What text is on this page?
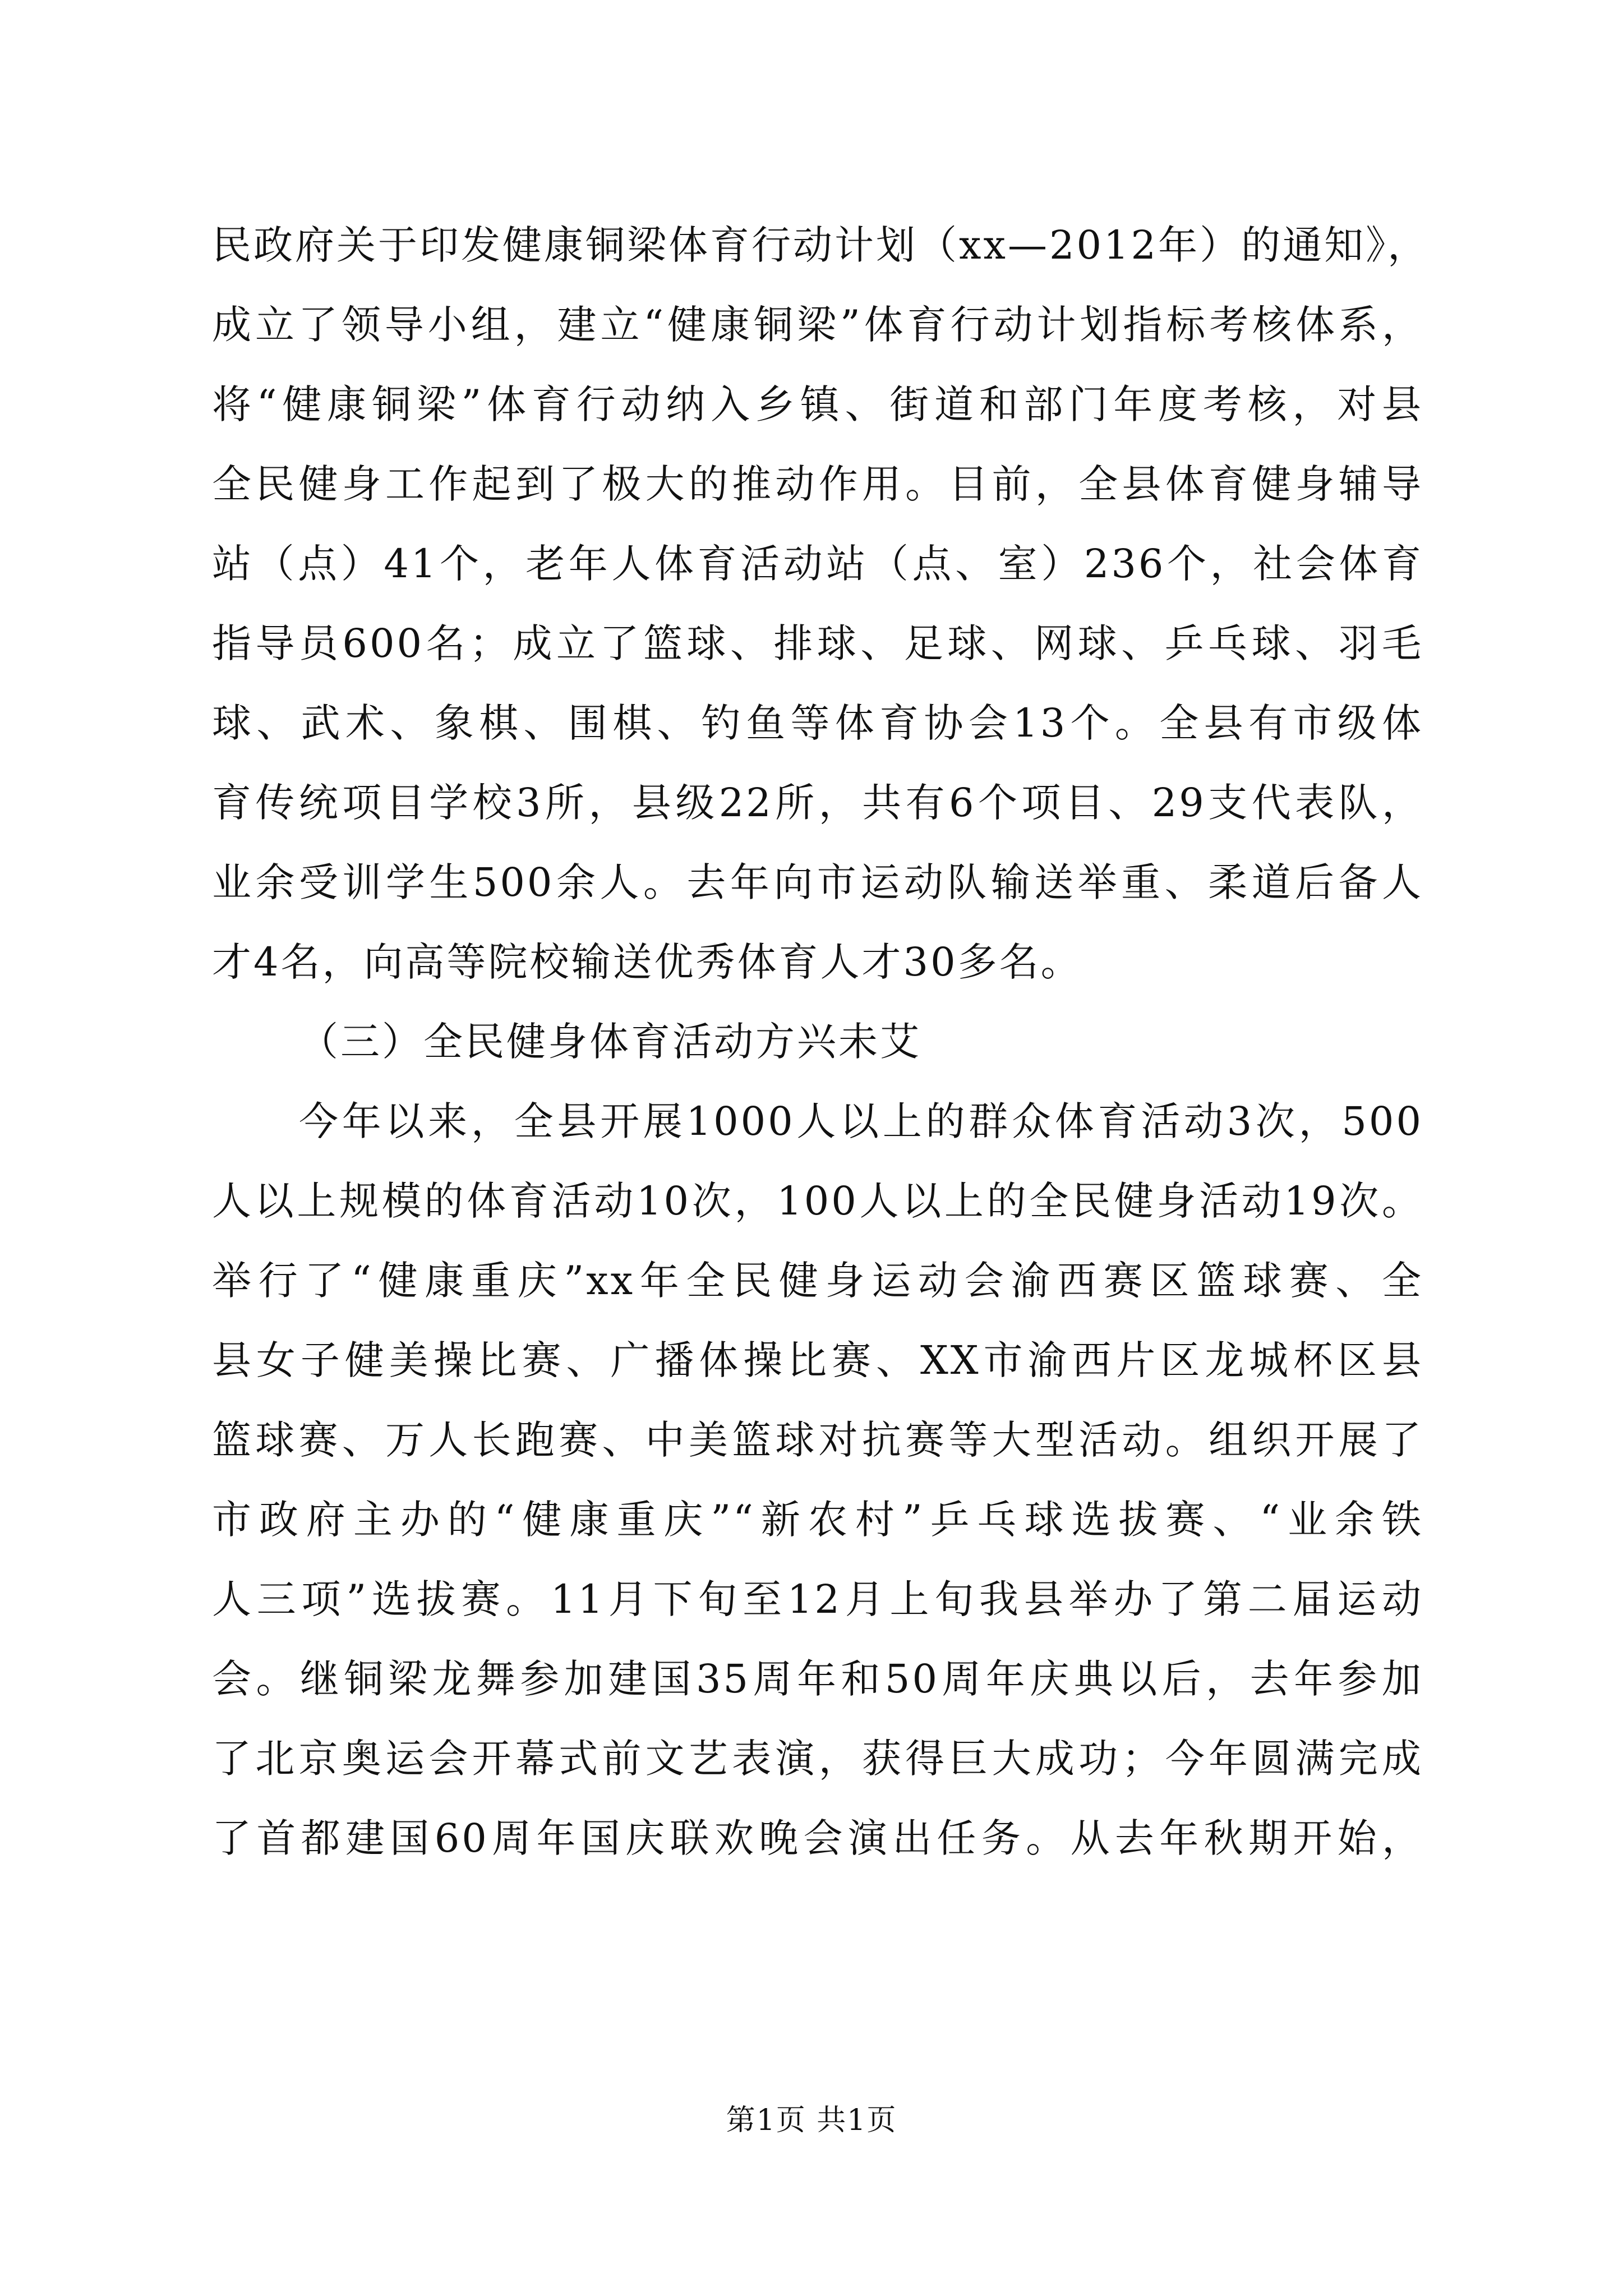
民政府关于印发健康铜梁体育行动计划（xx—2012年）的通知》，
成立了领导小组，建立“健康铜梁”体育行动计划指标考核体系，
将“健康铜梁”体育行动纳入乡镇、街道和部门年度考核，对县
全民健身工作起到了极大的推动作用。目前，全县体育健身辅导
站（点）41个，老年人体育活动站（点、室）236个，社会体育
指导员600名；成立了篮球、排球、足球、网球、乒乓球、羽毛
球、武术、象棋、围棋、钓鱼等体育协会13个。全县有市级体
育传统项目学校3所，县级22所，共有6个项目、29支代表队，
业余受训学生500余人。去年向市运动队输送举重、柔道后备人
才4名，向高等院校输送优秀体育人才30多名。
（三）全民健身体育活动方兴未艾
今年以来，全县开展1000人以上的群众体育活动3次，500
人以上规模的体育活动10次，100人以上的全民健身活动19次。
举行了“健康重庆”xx年全民健身运动会渝西赛区篮球赛、全
县女子健美操比赛、广播体操比赛、XX市渝西片区龙城杯区县
篮球赛、万人长跑赛、中美篮球对抗赛等大型活动。组织开展了
市政府主办的“健康重庆”“新农村”乒乓球选拔赛、“业余铁
人三项”选拔赛。11月下旬至12月上旬我县举办了第二届运动
会。继铜梁龙舞参加建国35周年和50周年庆典以后，去年参加
了北京奥运会开幕式前文艺表演，获得巨大成功；今年圆满完成
了首都建国60周年国庆联欢晚会演出任务。从去年秋期开始，
第1页 共1页
